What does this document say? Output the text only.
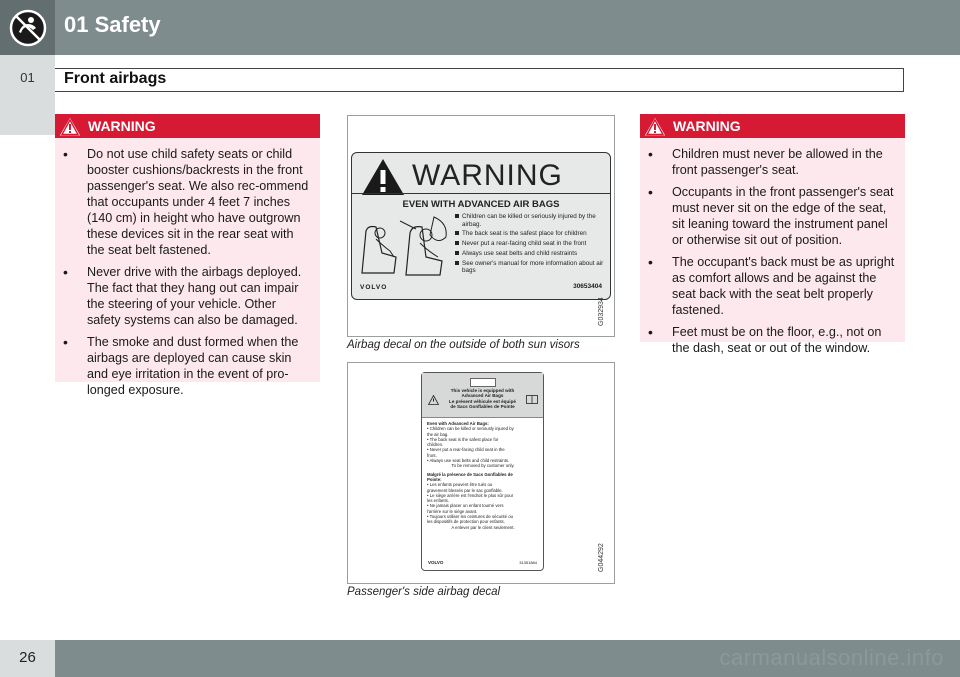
01 Safety
01	Front airbags
WARNING
• Do not use child safety seats or child booster cushions/backrests in the front passenger's seat. We also rec-ommend that occupants under 4 feet 7 inches (140 cm) in height who have outgrown these devices sit in the rear seat with the seat belt fastened.
• Never drive with the airbags deployed. The fact that they hang out can impair the steering of your vehicle. Other safety systems can also be damaged.
• The smoke and dust formed when the airbags are deployed can cause skin and eye irritation in the event of pro-longed exposure.
WARNING
EVEN WITH ADVANCED AIR BAGS
Children can be killed or seriously injured by the airbag.
The back seat is the safest place for children
Never put a rear-facing child seat in the front
Always use seat belts and child restraints
See owner's manual for more information about air bags
VOLVO	30653404
G032934
Airbag decal on the outside of both sun visors
This vehicle is equipped with
Advanced Air Bags
Le présent véhicule est équipé
de Sacs Gonflables de Pointe
Even with Advanced Air Bags:
• Children can be killed or seriously injured by
the air bag.
• The back seat is the safest place for
children.
• Never put a rear-facing child seat in the
front.
• Always use seat belts and child restraints.
To be removed by customer only.
Malgré la présence de Sacs Gonflables de
Pointe:
• Les enfants peuvent être tués ou
gravement blessés par le sac gonflable.
• Le siège arrière est l'endroit le plus sûr pour
les enfants.
• Ne jamais placer un enfant tourné vers
l'arrière sur le siège avant.
• Toujours utiliser les ceintures de sécurité ou
les dispositifs de protection pour enfants.
A enlever par le client seulement.
VOLVO	31351884	G044292
Passenger's side airbag decal
WARNING
• Children must never be allowed in the front passenger's seat.
• Occupants in the front passenger's seat must never sit on the edge of the seat, sit leaning toward the instrument panel or otherwise sit out of position.
• The occupant's back must be as upright as comfort allows and be against the seat back with the seat belt properly fastened.
• Feet must be on the floor, e.g., not on the dash, seat or out of the window.
26	carmanualsonline.info
